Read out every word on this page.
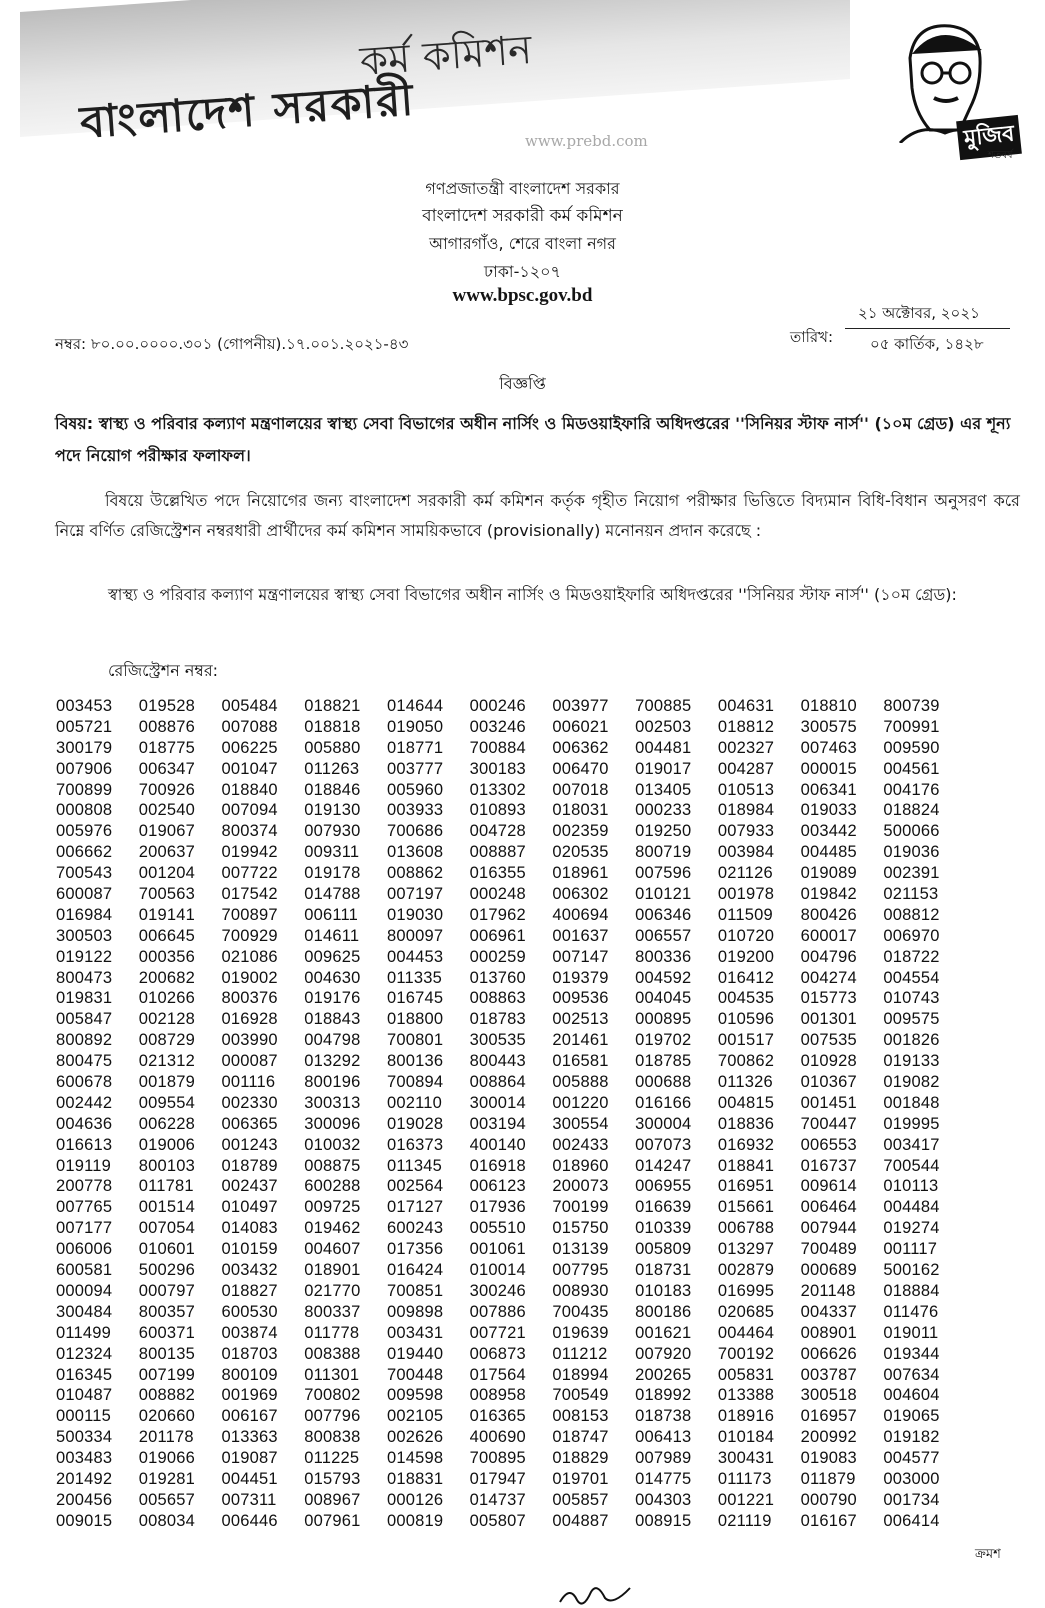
কর্ম কমিশন
বাংলাদেশ সরকারী	মুজিব
শতবর্ষ
www.prebd.com
গণপ্রজাতন্ত্রী বাংলাদেশ সরকার
বাংলাদেশ সরকারী কর্ম কমিশন
আগারগাঁও, শেরে বাংলা নগর
ঢাকা-১২০৭
www.bpsc.gov.bd
নম্বর: ৮০.০০.০০০০.৩০১ (গোপনীয়).১৭.০০১.২০২১-৪৩	তারিখ:
২১ অক্টোবর, ২০২১
০৫ কার্তিক, ১৪২৮
বিজ্ঞপ্তি
বিষয়: স্বাস্থ্য ও পরিবার কল্যাণ মন্ত্রণালয়ের স্বাস্থ্য সেবা বিভাগের অধীন নার্সিং ও মিডওয়াইফারি অধিদপ্তরের ''সিনিয়র স্টাফ নার্স'' (১০ম গ্রেড) এর শূন্য পদে নিয়োগ পরীক্ষার ফলাফল।
বিষয়ে উল্লেখিত পদে নিয়োগের জন্য বাংলাদেশ সরকারী কর্ম কমিশন কর্তৃক গৃহীত নিয়োগ পরীক্ষার ভিত্তিতে বিদ্যমান বিধি-বিধান অনুসরণ করে নিম্নে বর্ণিত রেজিস্ট্রেশন নম্বরধারী প্রার্থীদের কর্ম কমিশন সাময়িকভাবে (provisionally) মনোনয়ন প্রদান করেছে :
স্বাস্থ্য ও পরিবার কল্যাণ মন্ত্রণালয়ের স্বাস্থ্য সেবা বিভাগের অধীন নার্সিং ও মিডওয়াইফারি অধিদপ্তরের ''সিনিয়র স্টাফ নার্স'' (১০ম গ্রেড):
রেজিস্ট্রেশন নম্বর:
003453	019528	005484	018821	014644	000246	003977	700885	004631	018810	800739
005721	008876	007088	018818	019050	003246	006021	002503	018812	300575	700991
300179	018775	006225	005880	018771	700884	006362	004481	002327	007463	009590
007906	006347	001047	011263	003777	300183	006470	019017	004287	000015	004561
700899	700926	018840	018846	005960	013302	007018	013405	010513	006341	004176
000808	002540	007094	019130	003933	010893	018031	000233	018984	019033	018824
005976	019067	800374	007930	700686	004728	002359	019250	007933	003442	500066
006662	200637	019942	009311	013608	008887	020535	800719	003984	004485	019036
700543	001204	007722	019178	008862	016355	018961	007596	021126	019089	002391
600087	700563	017542	014788	007197	000248	006302	010121	001978	019842	021153
016984	019141	700897	006111	019030	017962	400694	006346	011509	800426	008812
300503	006645	700929	014611	800097	006961	001637	006557	010720	600017	006970
019122	000356	021086	009625	004453	000259	007147	800336	019200	004796	018722
800473	200682	019002	004630	011335	013760	019379	004592	016412	004274	004554
019831	010266	800376	019176	016745	008863	009536	004045	004535	015773	010743
005847	002128	016928	018843	018800	018783	002513	000895	010596	001301	009575
800892	008729	003990	004798	700801	300535	201461	019702	001517	007535	001826
800475	021312	000087	013292	800136	800443	016581	018785	700862	010928	019133
600678	001879	001116	800196	700894	008864	005888	000688	011326	010367	019082
002442	009554	002330	300313	002110	300014	001220	016166	004815	001451	001848
004636	006228	006365	300096	019028	003194	300554	300004	018836	700447	019995
016613	019006	001243	010032	016373	400140	002433	007073	016932	006553	003417
019119	800103	018789	008875	011345	016918	018960	014247	018841	016737	700544
200778	011781	002437	600288	002564	006123	200073	006955	016951	009614	010113
007765	001514	010497	009725	017127	017936	700199	016639	015661	006464	004484
007177	007054	014083	019462	600243	005510	015750	010339	006788	007944	019274
006006	010601	010159	004607	017356	001061	013139	005809	013297	700489	001117
600581	500296	003432	018901	016424	010014	007795	018731	002879	000689	500162
000094	000797	018827	021770	700851	300246	008930	010183	016995	201148	018884
300484	800357	600530	800337	009898	007886	700435	800186	020685	004337	011476
011499	600371	003874	011778	003431	007721	019639	001621	004464	008901	019011
012324	800135	018703	008388	019440	006873	011212	007920	700192	006626	019344
016345	007199	800109	011301	700448	017564	018994	200265	005831	003787	007634
010487	008882	001969	700802	009598	008958	700549	018992	013388	300518	004604
000115	020660	006167	007796	002105	016365	008153	018738	018916	016957	019065
500334	201178	013363	800838	002626	400690	018747	006413	010184	200992	019182
003483	019066	019087	011225	014598	700895	018829	007989	300431	019083	004577
201492	019281	004451	015793	018831	017947	019701	014775	011173	011879	003000
200456	005657	007311	008967	000126	014737	005857	004303	001221	000790	001734
009015	008034	006446	007961	000819	005807	004887	008915	021119	016167	006414
ক্রমশ
